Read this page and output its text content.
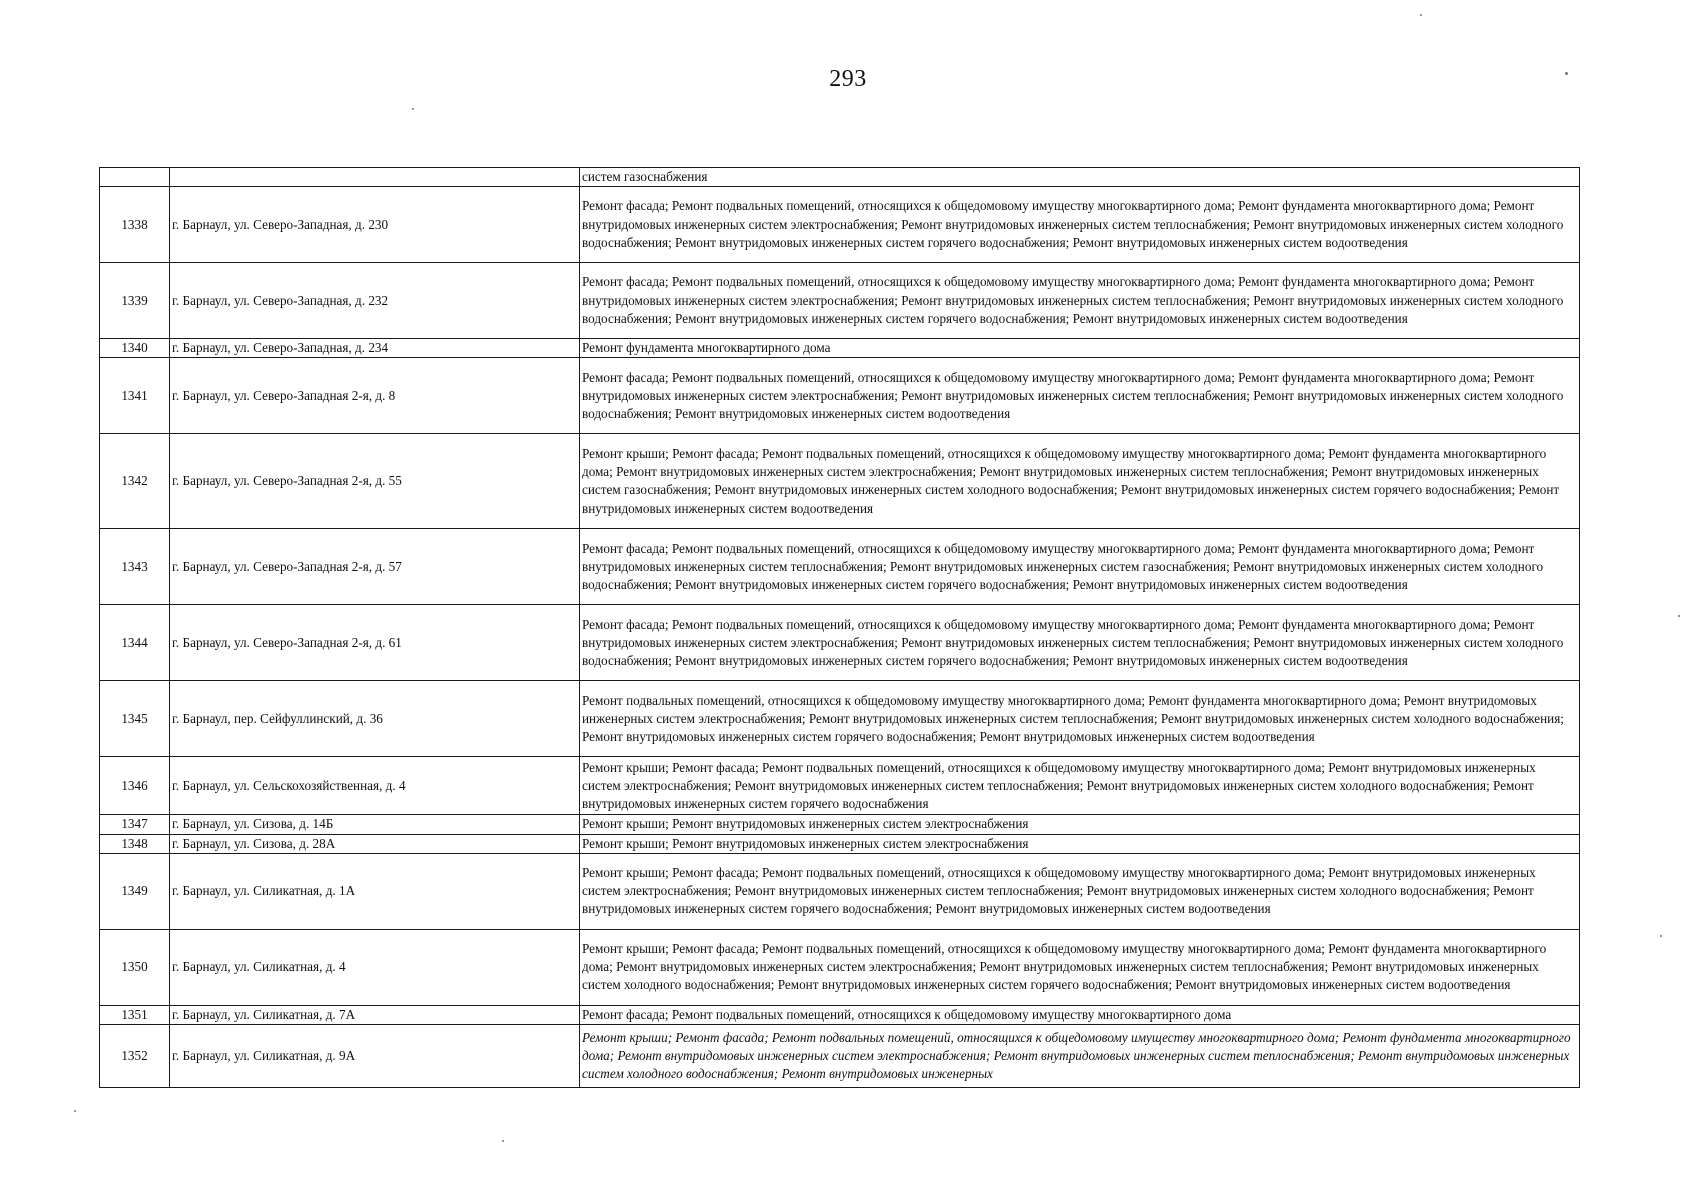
293
		систем газоснабжения
1338	г. Барнаул, ул. Северо-Западная, д. 230	Ремонт фасада; Ремонт подвальных помещений, относящихся к общедомовому имуществу многоквартирного дома; Ремонт фундамента многоквартирного дома; Ремонт внутридомовых инженерных систем электроснабжения; Ремонт внутридомовых инженерных систем теплоснабжения; Ремонт внутридомовых инженерных систем холодного водоснабжения; Ремонт внутридомовых инженерных систем горячего водоснабжения; Ремонт внутридомовых инженерных систем водоотведения
1339	г. Барнаул, ул. Северо-Западная, д. 232	Ремонт фасада; Ремонт подвальных помещений, относящихся к общедомовому имуществу многоквартирного дома; Ремонт фундамента многоквартирного дома; Ремонт внутридомовых инженерных систем электроснабжения; Ремонт внутридомовых инженерных систем теплоснабжения; Ремонт внутридомовых инженерных систем холодного водоснабжения; Ремонт внутридомовых инженерных систем горячего водоснабжения; Ремонт внутридомовых инженерных систем водоотведения
1340	г. Барнаул, ул. Северо-Западная, д. 234	Ремонт фундамента многоквартирного дома
1341	г. Барнаул, ул. Северо-Западная 2-я, д. 8	Ремонт фасада; Ремонт подвальных помещений, относящихся к общедомовому имуществу многоквартирного дома; Ремонт фундамента многоквартирного дома; Ремонт внутридомовых инженерных систем электроснабжения; Ремонт внутридомовых инженерных систем теплоснабжения; Ремонт внутридомовых инженерных систем холодного водоснабжения; Ремонт внутридомовых инженерных систем водоотведения
1342	г. Барнаул, ул. Северо-Западная 2-я, д. 55	Ремонт крыши; Ремонт фасада; Ремонт подвальных помещений, относящихся к общедомовому имуществу многоквартирного дома; Ремонт фундамента многоквартирного дома; Ремонт внутридомовых инженерных систем электроснабжения; Ремонт внутридомовых инженерных систем теплоснабжения; Ремонт внутридомовых инженерных систем газоснабжения; Ремонт внутридомовых инженерных систем холодного водоснабжения; Ремонт внутридомовых инженерных систем горячего водоснабжения; Ремонт внутридомовых инженерных систем водоотведения
1343	г. Барнаул, ул. Северо-Западная 2-я, д. 57	Ремонт фасада; Ремонт подвальных помещений, относящихся к общедомовому имуществу многоквартирного дома; Ремонт фундамента многоквартирного дома; Ремонт внутридомовых инженерных систем теплоснабжения; Ремонт внутридомовых инженерных систем газоснабжения; Ремонт внутридомовых инженерных систем холодного водоснабжения; Ремонт внутридомовых инженерных систем горячего водоснабжения; Ремонт внутридомовых инженерных систем водоотведения
1344	г. Барнаул, ул. Северо-Западная 2-я, д. 61	Ремонт фасада; Ремонт подвальных помещений, относящихся к общедомовому имуществу многоквартирного дома; Ремонт фундамента многоквартирного дома; Ремонт внутридомовых инженерных систем электроснабжения; Ремонт внутридомовых инженерных систем теплоснабжения; Ремонт внутридомовых инженерных систем холодного водоснабжения; Ремонт внутридомовых инженерных систем горячего водоснабжения; Ремонт внутридомовых инженерных систем водоотведения
1345	г. Барнаул, пер. Сейфуллинский, д. 36	Ремонт подвальных помещений, относящихся к общедомовому имуществу многоквартирного дома; Ремонт фундамента многоквартирного дома; Ремонт внутридомовых инженерных систем электроснабжения; Ремонт внутридомовых инженерных систем теплоснабжения; Ремонт внутридомовых инженерных систем холодного водоснабжения; Ремонт внутридомовых инженерных систем горячего водоснабжения; Ремонт внутридомовых инженерных систем водоотведения
1346	г. Барнаул, ул. Сельскохозяйственная, д. 4	Ремонт крыши; Ремонт фасада; Ремонт подвальных помещений, относящихся к общедомовому имуществу многоквартирного дома; Ремонт внутридомовых инженерных систем электроснабжения; Ремонт внутридомовых инженерных систем теплоснабжения; Ремонт внутридомовых инженерных систем холодного водоснабжения; Ремонт внутридомовых инженерных систем горячего водоснабжения
1347	г. Барнаул, ул. Сизова, д. 14Б	Ремонт крыши; Ремонт внутридомовых инженерных систем электроснабжения
1348	г. Барнаул, ул. Сизова, д. 28А	Ремонт крыши; Ремонт внутридомовых инженерных систем электроснабжения
1349	г. Барнаул, ул. Силикатная, д. 1А	Ремонт крыши; Ремонт фасада; Ремонт подвальных помещений, относящихся к общедомовому имуществу многоквартирного дома; Ремонт внутридомовых инженерных систем электроснабжения; Ремонт внутридомовых инженерных систем теплоснабжения; Ремонт внутридомовых инженерных систем холодного водоснабжения; Ремонт внутридомовых инженерных систем горячего водоснабжения; Ремонт внутридомовых инженерных систем водоотведения
1350	г. Барнаул, ул. Силикатная, д. 4	Ремонт крыши; Ремонт фасада; Ремонт подвальных помещений, относящихся к общедомовому имуществу многоквартирного дома; Ремонт фундамента многоквартирного дома; Ремонт внутридомовых инженерных систем электроснабжения; Ремонт внутридомовых инженерных систем теплоснабжения; Ремонт внутридомовых инженерных систем холодного водоснабжения; Ремонт внутридомовых инженерных систем горячего водоснабжения; Ремонт внутридомовых инженерных систем водоотведения
1351	г. Барнаул, ул. Силикатная, д. 7А	Ремонт фасада; Ремонт подвальных помещений, относящихся к общедомовому имуществу многоквартирного дома
1352	г. Барнаул, ул. Силикатная, д. 9А	Ремонт крыши; Ремонт фасада; Ремонт подвальных помещений, относящихся к общедомовому имуществу многоквартирного дома; Ремонт фундамента многоквартирного дома; Ремонт внутридомовых инженерных систем электроснабжения; Ремонт внутридомовых инженерных систем теплоснабжения; Ремонт внутридомовых инженерных систем холодного водоснабжения; Ремонт внутридомовых инженерных
